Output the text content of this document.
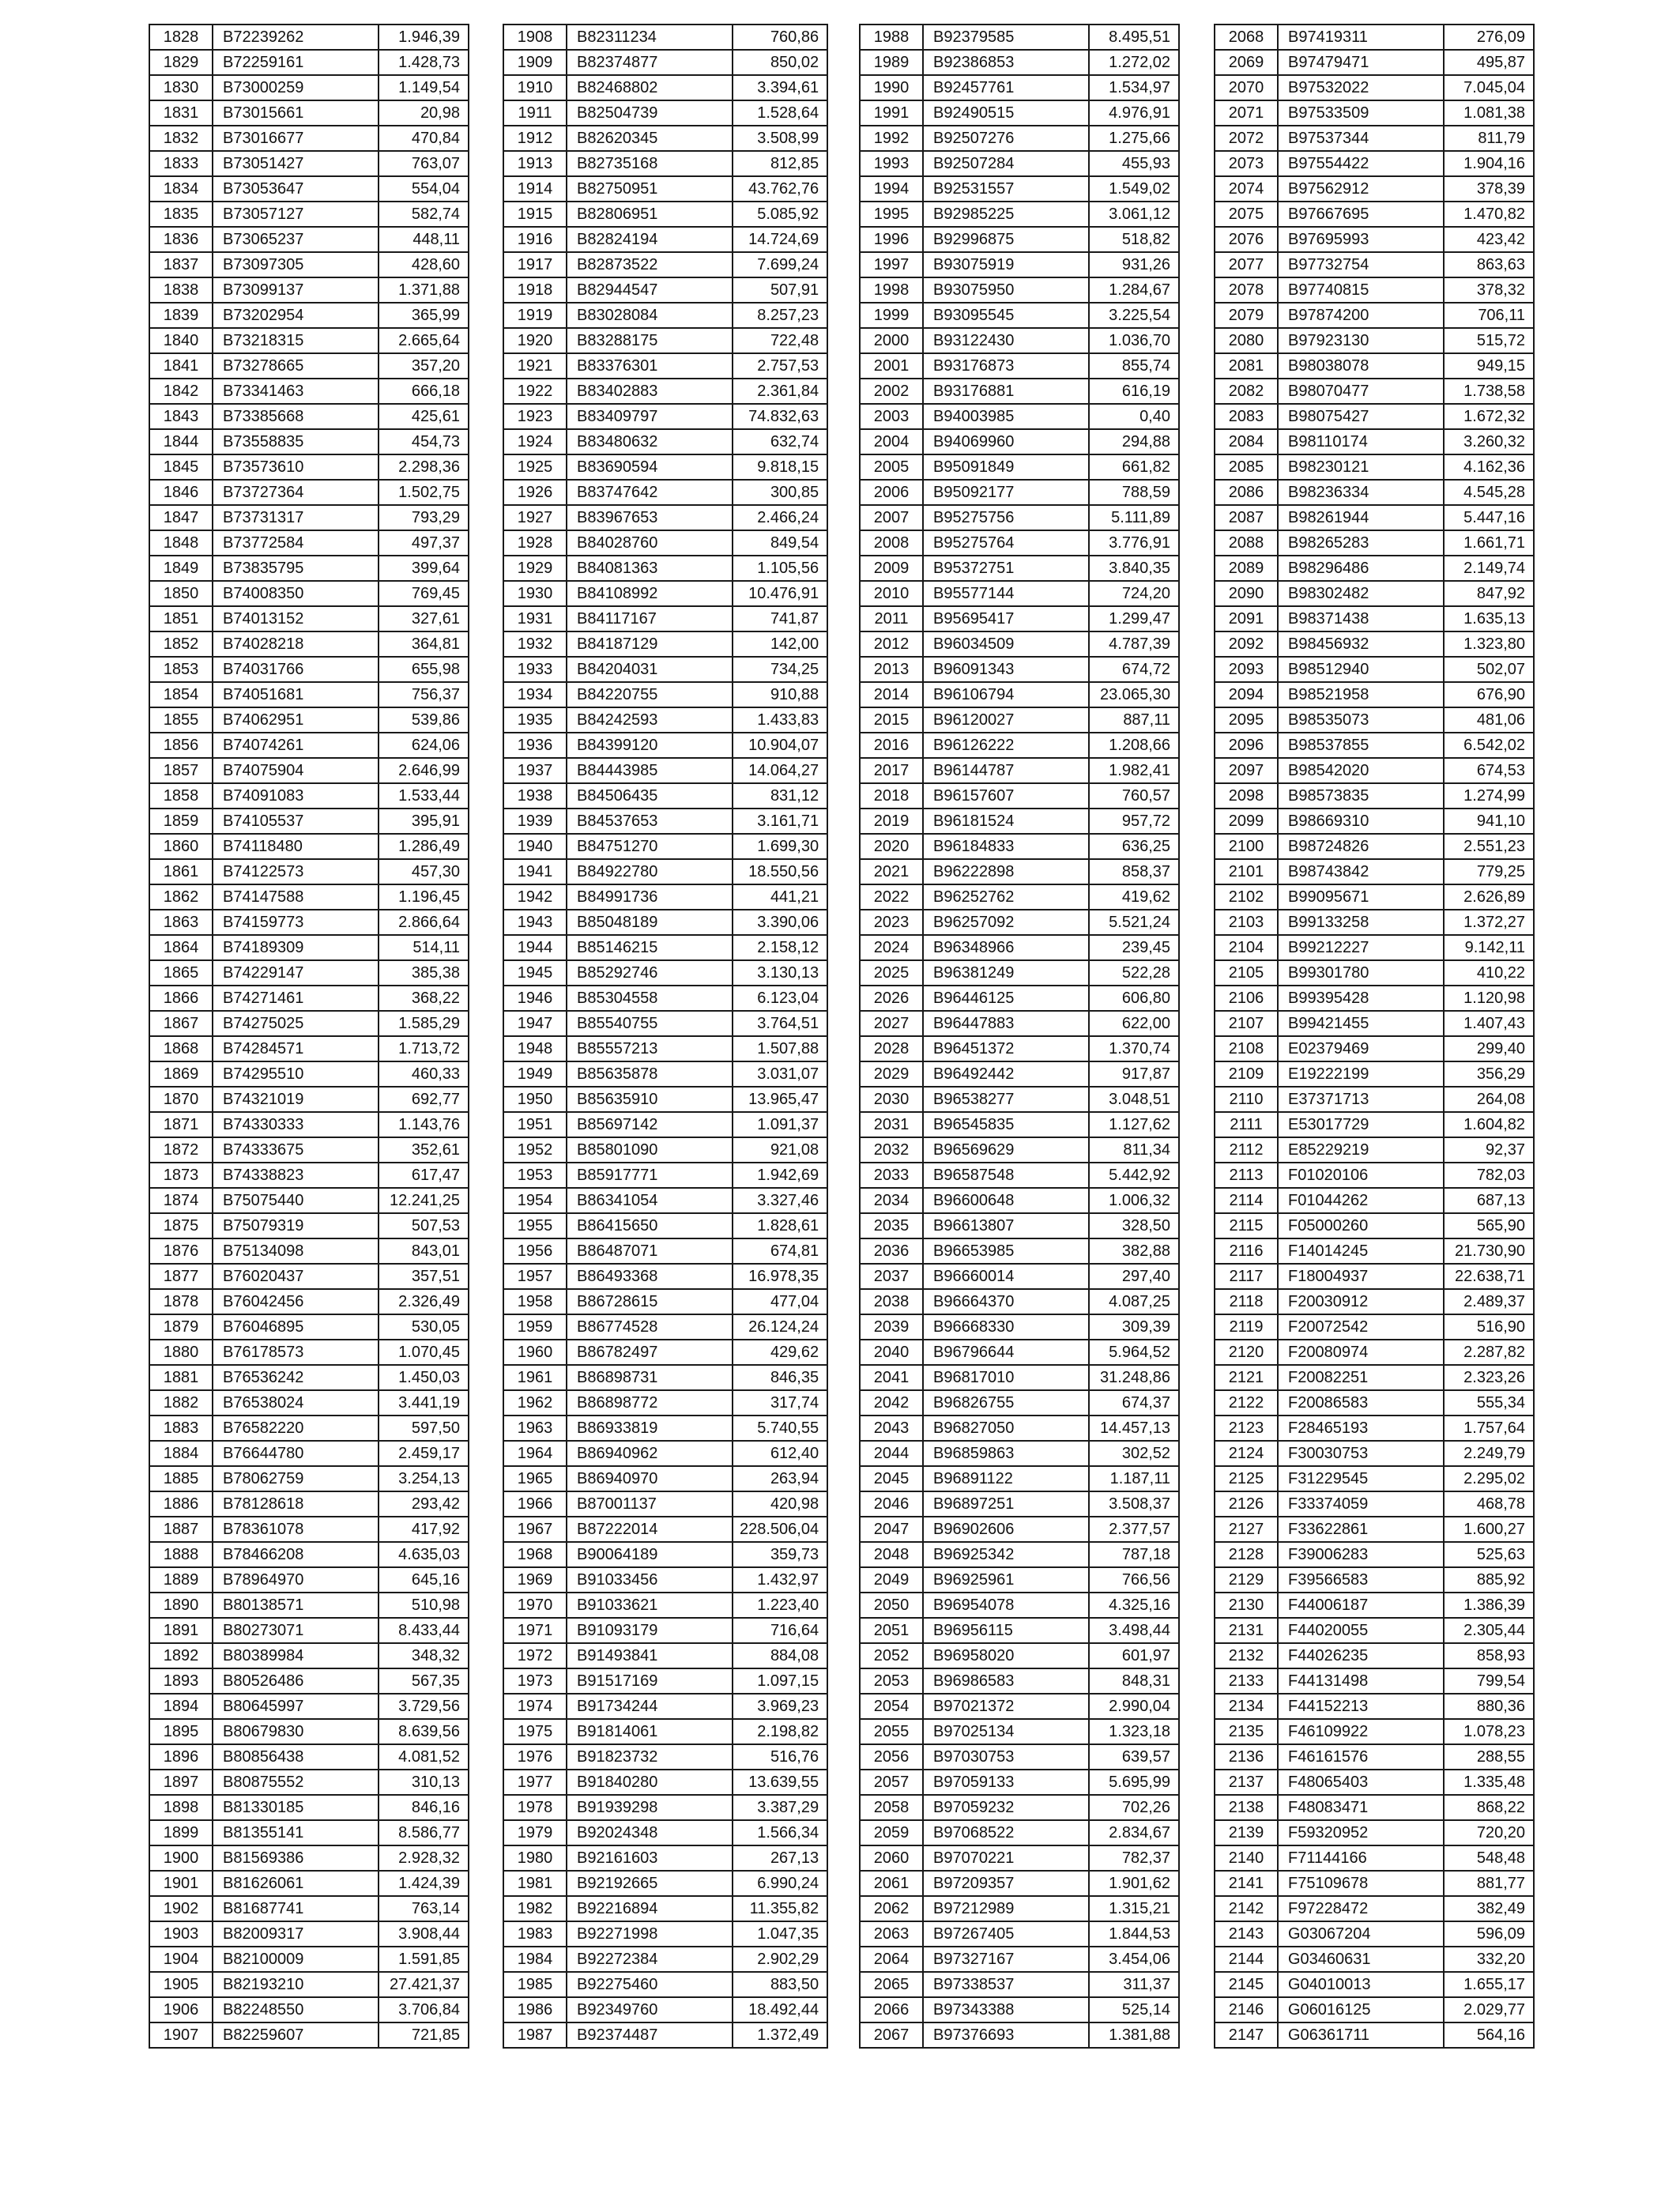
1828	B72239262	1.946,39
1829	B72259161	1.428,73
1830	B73000259	1.149,54
1831	B73015661	20,98
1832	B73016677	470,84
1833	B73051427	763,07
1834	B73053647	554,04
1835	B73057127	582,74
1836	B73065237	448,11
1837	B73097305	428,60
1838	B73099137	1.371,88
1839	B73202954	365,99
1840	B73218315	2.665,64
1841	B73278665	357,20
1842	B73341463	666,18
1843	B73385668	425,61
1844	B73558835	454,73
1845	B73573610	2.298,36
1846	B73727364	1.502,75
1847	B73731317	793,29
1848	B73772584	497,37
1849	B73835795	399,64
1850	B74008350	769,45
1851	B74013152	327,61
1852	B74028218	364,81
1853	B74031766	655,98
1854	B74051681	756,37
1855	B74062951	539,86
1856	B74074261	624,06
1857	B74075904	2.646,99
1858	B74091083	1.533,44
1859	B74105537	395,91
1860	B74118480	1.286,49
1861	B74122573	457,30
1862	B74147588	1.196,45
1863	B74159773	2.866,64
1864	B74189309	514,11
1865	B74229147	385,38
1866	B74271461	368,22
1867	B74275025	1.585,29
1868	B74284571	1.713,72
1869	B74295510	460,33
1870	B74321019	692,77
1871	B74330333	1.143,76
1872	B74333675	352,61
1873	B74338823	617,47
1874	B75075440	12.241,25
1875	B75079319	507,53
1876	B75134098	843,01
1877	B76020437	357,51
1878	B76042456	2.326,49
1879	B76046895	530,05
1880	B76178573	1.070,45
1881	B76536242	1.450,03
1882	B76538024	3.441,19
1883	B76582220	597,50
1884	B76644780	2.459,17
1885	B78062759	3.254,13
1886	B78128618	293,42
1887	B78361078	417,92
1888	B78466208	4.635,03
1889	B78964970	645,16
1890	B80138571	510,98
1891	B80273071	8.433,44
1892	B80389984	348,32
1893	B80526486	567,35
1894	B80645997	3.729,56
1895	B80679830	8.639,56
1896	B80856438	4.081,52
1897	B80875552	310,13
1898	B81330185	846,16
1899	B81355141	8.586,77
1900	B81569386	2.928,32
1901	B81626061	1.424,39
1902	B81687741	763,14
1903	B82009317	3.908,44
1904	B82100009	1.591,85
1905	B82193210	27.421,37
1906	B82248550	3.706,84
1907	B82259607	721,85
1908	B82311234	760,86
1909	B82374877	850,02
1910	B82468802	3.394,61
1911	B82504739	1.528,64
1912	B82620345	3.508,99
1913	B82735168	812,85
1914	B82750951	43.762,76
1915	B82806951	5.085,92
1916	B82824194	14.724,69
1917	B82873522	7.699,24
1918	B82944547	507,91
1919	B83028084	8.257,23
1920	B83288175	722,48
1921	B83376301	2.757,53
1922	B83402883	2.361,84
1923	B83409797	74.832,63
1924	B83480632	632,74
1925	B83690594	9.818,15
1926	B83747642	300,85
1927	B83967653	2.466,24
1928	B84028760	849,54
1929	B84081363	1.105,56
1930	B84108992	10.476,91
1931	B84117167	741,87
1932	B84187129	142,00
1933	B84204031	734,25
1934	B84220755	910,88
1935	B84242593	1.433,83
1936	B84399120	10.904,07
1937	B84443985	14.064,27
1938	B84506435	831,12
1939	B84537653	3.161,71
1940	B84751270	1.699,30
1941	B84922780	18.550,56
1942	B84991736	441,21
1943	B85048189	3.390,06
1944	B85146215	2.158,12
1945	B85292746	3.130,13
1946	B85304558	6.123,04
1947	B85540755	3.764,51
1948	B85557213	1.507,88
1949	B85635878	3.031,07
1950	B85635910	13.965,47
1951	B85697142	1.091,37
1952	B85801090	921,08
1953	B85917771	1.942,69
1954	B86341054	3.327,46
1955	B86415650	1.828,61
1956	B86487071	674,81
1957	B86493368	16.978,35
1958	B86728615	477,04
1959	B86774528	26.124,24
1960	B86782497	429,62
1961	B86898731	846,35
1962	B86898772	317,74
1963	B86933819	5.740,55
1964	B86940962	612,40
1965	B86940970	263,94
1966	B87001137	420,98
1967	B87222014	228.506,04
1968	B90064189	359,73
1969	B91033456	1.432,97
1970	B91033621	1.223,40
1971	B91093179	716,64
1972	B91493841	884,08
1973	B91517169	1.097,15
1974	B91734244	3.969,23
1975	B91814061	2.198,82
1976	B91823732	516,76
1977	B91840280	13.639,55
1978	B91939298	3.387,29
1979	B92024348	1.566,34
1980	B92161603	267,13
1981	B92192665	6.990,24
1982	B92216894	11.355,82
1983	B92271998	1.047,35
1984	B92272384	2.902,29
1985	B92275460	883,50
1986	B92349760	18.492,44
1987	B92374487	1.372,49
1988	B92379585	8.495,51
1989	B92386853	1.272,02
1990	B92457761	1.534,97
1991	B92490515	4.976,91
1992	B92507276	1.275,66
1993	B92507284	455,93
1994	B92531557	1.549,02
1995	B92985225	3.061,12
1996	B92996875	518,82
1997	B93075919	931,26
1998	B93075950	1.284,67
1999	B93095545	3.225,54
2000	B93122430	1.036,70
2001	B93176873	855,74
2002	B93176881	616,19
2003	B94003985	0,40
2004	B94069960	294,88
2005	B95091849	661,82
2006	B95092177	788,59
2007	B95275756	5.111,89
2008	B95275764	3.776,91
2009	B95372751	3.840,35
2010	B95577144	724,20
2011	B95695417	1.299,47
2012	B96034509	4.787,39
2013	B96091343	674,72
2014	B96106794	23.065,30
2015	B96120027	887,11
2016	B96126222	1.208,66
2017	B96144787	1.982,41
2018	B96157607	760,57
2019	B96181524	957,72
2020	B96184833	636,25
2021	B96222898	858,37
2022	B96252762	419,62
2023	B96257092	5.521,24
2024	B96348966	239,45
2025	B96381249	522,28
2026	B96446125	606,80
2027	B96447883	622,00
2028	B96451372	1.370,74
2029	B96492442	917,87
2030	B96538277	3.048,51
2031	B96545835	1.127,62
2032	B96569629	811,34
2033	B96587548	5.442,92
2034	B96600648	1.006,32
2035	B96613807	328,50
2036	B96653985	382,88
2037	B96660014	297,40
2038	B96664370	4.087,25
2039	B96668330	309,39
2040	B96796644	5.964,52
2041	B96817010	31.248,86
2042	B96826755	674,37
2043	B96827050	14.457,13
2044	B96859863	302,52
2045	B96891122	1.187,11
2046	B96897251	3.508,37
2047	B96902606	2.377,57
2048	B96925342	787,18
2049	B96925961	766,56
2050	B96954078	4.325,16
2051	B96956115	3.498,44
2052	B96958020	601,97
2053	B96986583	848,31
2054	B97021372	2.990,04
2055	B97025134	1.323,18
2056	B97030753	639,57
2057	B97059133	5.695,99
2058	B97059232	702,26
2059	B97068522	2.834,67
2060	B97070221	782,37
2061	B97209357	1.901,62
2062	B97212989	1.315,21
2063	B97267405	1.844,53
2064	B97327167	3.454,06
2065	B97338537	311,37
2066	B97343388	525,14
2067	B97376693	1.381,88
2068	B97419311	276,09
2069	B97479471	495,87
2070	B97532022	7.045,04
2071	B97533509	1.081,38
2072	B97537344	811,79
2073	B97554422	1.904,16
2074	B97562912	378,39
2075	B97667695	1.470,82
2076	B97695993	423,42
2077	B97732754	863,63
2078	B97740815	378,32
2079	B97874200	706,11
2080	B97923130	515,72
2081	B98038078	949,15
2082	B98070477	1.738,58
2083	B98075427	1.672,32
2084	B98110174	3.260,32
2085	B98230121	4.162,36
2086	B98236334	4.545,28
2087	B98261944	5.447,16
2088	B98265283	1.661,71
2089	B98296486	2.149,74
2090	B98302482	847,92
2091	B98371438	1.635,13
2092	B98456932	1.323,80
2093	B98512940	502,07
2094	B98521958	676,90
2095	B98535073	481,06
2096	B98537855	6.542,02
2097	B98542020	674,53
2098	B98573835	1.274,99
2099	B98669310	941,10
2100	B98724826	2.551,23
2101	B98743842	779,25
2102	B99095671	2.626,89
2103	B99133258	1.372,27
2104	B99212227	9.142,11
2105	B99301780	410,22
2106	B99395428	1.120,98
2107	B99421455	1.407,43
2108	E02379469	299,40
2109	E19222199	356,29
2110	E37371713	264,08
2111	E53017729	1.604,82
2112	E85229219	92,37
2113	F01020106	782,03
2114	F01044262	687,13
2115	F05000260	565,90
2116	F14014245	21.730,90
2117	F18004937	22.638,71
2118	F20030912	2.489,37
2119	F20072542	516,90
2120	F20080974	2.287,82
2121	F20082251	2.323,26
2122	F20086583	555,34
2123	F28465193	1.757,64
2124	F30030753	2.249,79
2125	F31229545	2.295,02
2126	F33374059	468,78
2127	F33622861	1.600,27
2128	F39006283	525,63
2129	F39566583	885,92
2130	F44006187	1.386,39
2131	F44020055	2.305,44
2132	F44026235	858,93
2133	F44131498	799,54
2134	F44152213	880,36
2135	F46109922	1.078,23
2136	F46161576	288,55
2137	F48065403	1.335,48
2138	F48083471	868,22
2139	F59320952	720,20
2140	F71144166	548,48
2141	F75109678	881,77
2142	F97228472	382,49
2143	G03067204	596,09
2144	G03460631	332,20
2145	G04010013	1.655,17
2146	G06016125	2.029,77
2147	G06361711	564,16
